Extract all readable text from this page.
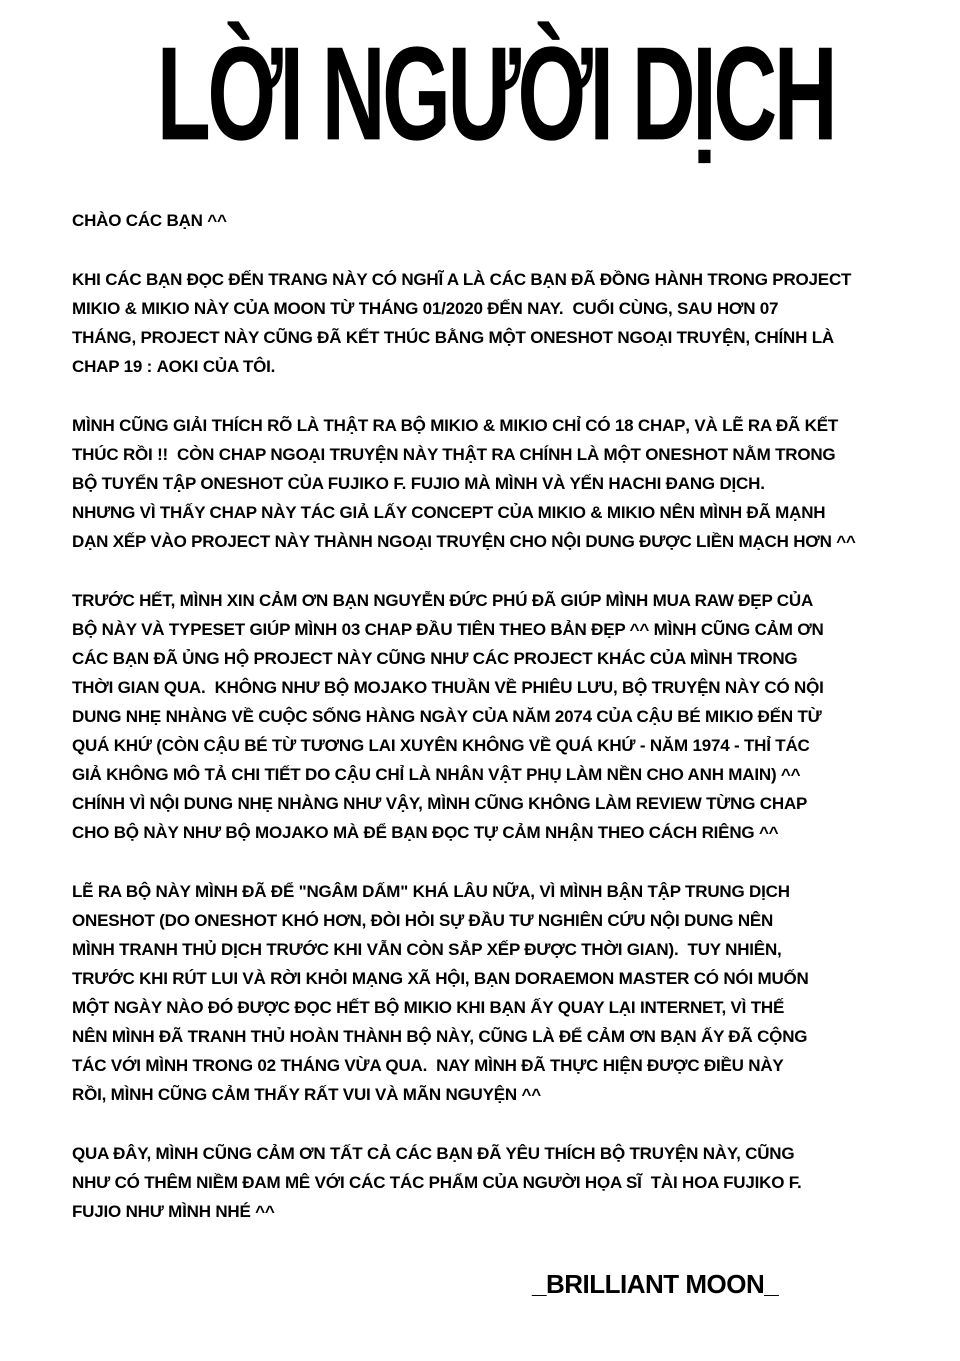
LỜI NGƯỜI DỊCH
CHÀO CÁC BẠN ^^
KHI CÁC BẠN ĐỌC ĐẾN TRANG NÀY CÓ NGHĨ A LÀ CÁC BẠN ĐÃ ĐỒNG HÀNH TRONG PROJECT
MIKIO & MIKIO NÀY CỦA MOON TỪ THÁNG 01/2020 ĐẾN NAY.  CUỐI CÙNG, SAU HƠN 07
THÁNG, PROJECT NÀY CŨNG ĐÃ KẾT THÚC BẰNG MỘT ONESHOT NGOẠI TRUYỆN, CHÍNH LÀ
CHAP 19 : AOKI CỦA TÔI.
MÌNH CŨNG GIẢI THÍCH RÕ LÀ THẬT RA BỘ MIKIO & MIKIO CHỈ CÓ 18 CHAP, VÀ LẼ RA ĐÃ KẾT
THÚC RỒI !!  CÒN CHAP NGOẠI TRUYỆN NÀY THẬT RA CHÍNH LÀ MỘT ONESHOT NẰM TRONG
BỘ TUYỂN TẬP ONESHOT CỦA FUJIKO F. FUJIO MÀ MÌNH VÀ YẾN HACHI ĐANG DỊCH.
NHƯNG VÌ THẤY CHAP NÀY TÁC GIẢ LẤY CONCEPT CỦA MIKIO & MIKIO NÊN MÌNH ĐÃ MẠNH
DẠN XẾP VÀO PROJECT NÀY THÀNH NGOẠI TRUYỆN CHO NỘI DUNG ĐƯỢC LIỀN MẠCH HƠN ^^
TRƯỚC HẾT, MÌNH XIN CẢM ƠN BẠN NGUYỄN ĐỨC PHÚ ĐÃ GIÚP MÌNH MUA RAW ĐẸP CỦA
BỘ NÀY VÀ TYPESET GIÚP MÌNH 03 CHAP ĐẦU TIÊN THEO BẢN ĐẸP ^^ MÌNH CŨNG CẢM ƠN
CÁC BẠN ĐÃ ỦNG HỘ PROJECT NÀY CŨNG NHƯ CÁC PROJECT KHÁC CỦA MÌNH TRONG
THỜI GIAN QUA.  KHÔNG NHƯ BỘ MOJAKO THUẦN VỀ PHIÊU LƯU, BỘ TRUYỆN NÀY CÓ NỘI
DUNG NHẸ NHÀNG VỀ CUỘC SỐNG HÀNG NGÀY CỦA NĂM 2074 CỦA CẬU BÉ MIKIO ĐẾN TỪ
QUÁ KHỨ (CÒN CẬU BÉ TỪ TƯƠNG LAI XUYÊN KHÔNG VỀ QUÁ KHỨ - NĂM 1974 - THỈ TÁC
GIẢ KHÔNG MÔ TẢ CHI TIẾT DO CẬU CHỈ LÀ NHÂN VẬT PHỤ LÀM NỀN CHO ANH MAIN) ^^
CHÍNH VÌ NỘI DUNG NHẸ NHÀNG NHƯ VẬY, MÌNH CŨNG KHÔNG LÀM REVIEW TỪNG CHAP
CHO BỘ NÀY NHƯ BỘ MOJAKO MÀ ĐỂ BẠN ĐỌC TỰ CẢM NHẬN THEO CÁCH RIÊNG ^^
LẼ RA BỘ NÀY MÌNH ĐÃ ĐỂ "NGÂM DẤM" KHÁ LÂU NỮA, VÌ MÌNH BẬN TẬP TRUNG DỊCH
ONESHOT (DO ONESHOT KHÓ HƠN, ĐÒI HỎI SỰ ĐẦU TƯ NGHIÊN CỨU NỘI DUNG NÊN
MÌNH TRANH THỦ DỊCH TRƯỚC KHI VẪN CÒN SẮP XẾP ĐƯỢC THỜI GIAN).  TUY NHIÊN,
TRƯỚC KHI RÚT LUI VÀ RỜI KHỎI MẠNG XÃ HỘI, BẠN DORAEMON MASTER CÓ NÓI MUỐN
MỘT NGÀY NÀO ĐÓ ĐƯỢC ĐỌC HẾT BỘ MIKIO KHI BẠN ẤY QUAY LẠI INTERNET, VÌ THẾ
NÊN MÌNH ĐÃ TRANH THỦ HOÀN THÀNH BỘ NÀY, CŨNG LÀ ĐỂ CẢM ƠN BẠN ẤY ĐÃ CỘNG
TÁC VỚI MÌNH TRONG 02 THÁNG VỪA QUA.  NAY MÌNH ĐÃ THỰC HIỆN ĐƯỢC ĐIỀU NÀY
RỒI, MÌNH CŨNG CẢM THẤY RẤT VUI VÀ MÃN NGUYỆN ^^
QUA ĐÂY, MÌNH CŨNG CẢM ƠN TẤT CẢ CÁC BẠN ĐÃ YÊU THÍCH BỘ TRUYỆN NÀY, CŨNG
NHƯ CÓ THÊM NIỀM ĐAM MÊ VỚI CÁC TÁC PHẨM CỦA NGƯỜI HỌA SĨ  TÀI HOA FUJIKO F.
FUJIO NHƯ MÌNH NHÉ ^^
_BRILLIANT MOON_
